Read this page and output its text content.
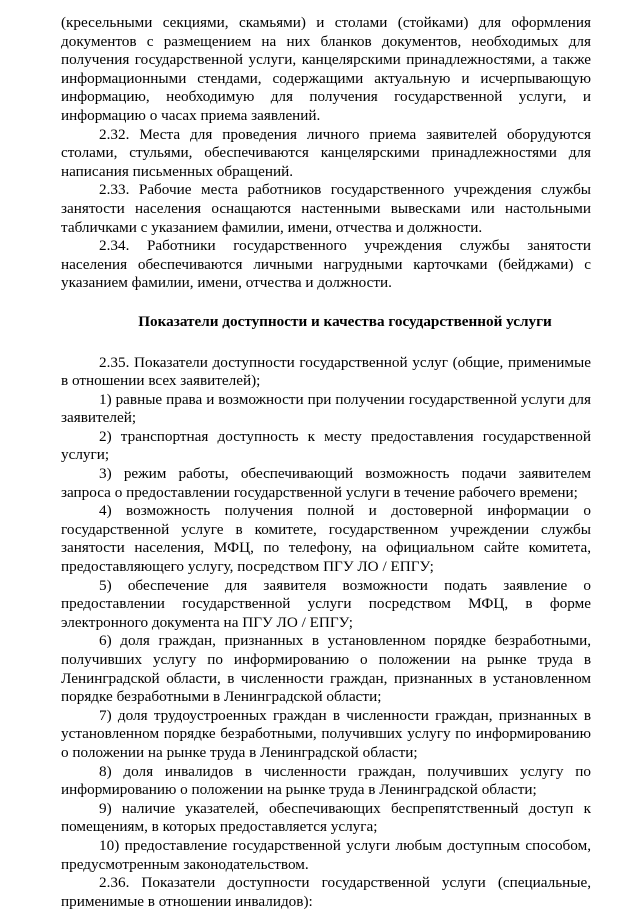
(кресельными секциями, скамьями) и столами (стойками) для оформления документов с размещением на них бланков документов, необходимых для получения государственной услуги, канцелярскими принадлежностями, а также информационными стендами, содержащими актуальную и исчерпывающую информацию, необходимую для получения государственной услуги, и информацию о часах приема заявлений.

2.32. Места для проведения личного приема заявителей оборудуются столами, стульями, обеспечиваются канцелярскими принадлежностями для написания письменных обращений.

2.33. Рабочие места работников государственного учреждения службы занятости населения оснащаются настенными вывесками или настольными табличками с указанием фамилии, имени, отчества и должности.

2.34. Работники государственного учреждения службы занятости населения обеспечиваются личными нагрудными карточками (бейджами) с указанием фамилии, имени, отчества и должности.

Показатели доступности и качества государственной услуги

2.35. Показатели доступности государственной услуг (общие, применимые в отношении всех заявителей);

1) равные права и возможности при получении государственной услуги для заявителей;

2) транспортная доступность к месту предоставления государственной услуги;

3) режим работы, обеспечивающий возможность подачи заявителем запроса о предоставлении государственной услуги в течение рабочего времени;

4) возможность получения полной и достоверной информации о государственной услуге в комитете, государственном учреждении службы занятости населения, МФЦ, по телефону, на официальном сайте комитета, предоставляющего услугу, посредством ПГУ ЛО / ЕПГУ;

5) обеспечение для заявителя возможности подать заявление о предоставлении государственной услуги посредством МФЦ, в форме электронного документа на ПГУ ЛО / ЕПГУ;

6) доля граждан, признанных в установленном порядке безработными, получивших услугу по информированию о положении на рынке труда в Ленинградской области, в численности граждан, признанных в установленном порядке безработными в Ленинградской области;

7) доля трудоустроенных граждан в численности граждан, признанных в установленном порядке безработными, получивших услугу по информированию о положении на рынке труда в Ленинградской области;

8) доля инвалидов в численности граждан, получивших услугу по информированию о положении на рынке труда в Ленинградской области;

9) наличие указателей, обеспечивающих беспрепятственный доступ к помещениям, в которых предоставляется услуга;

10) предоставление государственной услуги любым доступным способом, предусмотренным законодательством.

2.36. Показатели доступности государственной услуги (специальные, применимые в отношении инвалидов):
